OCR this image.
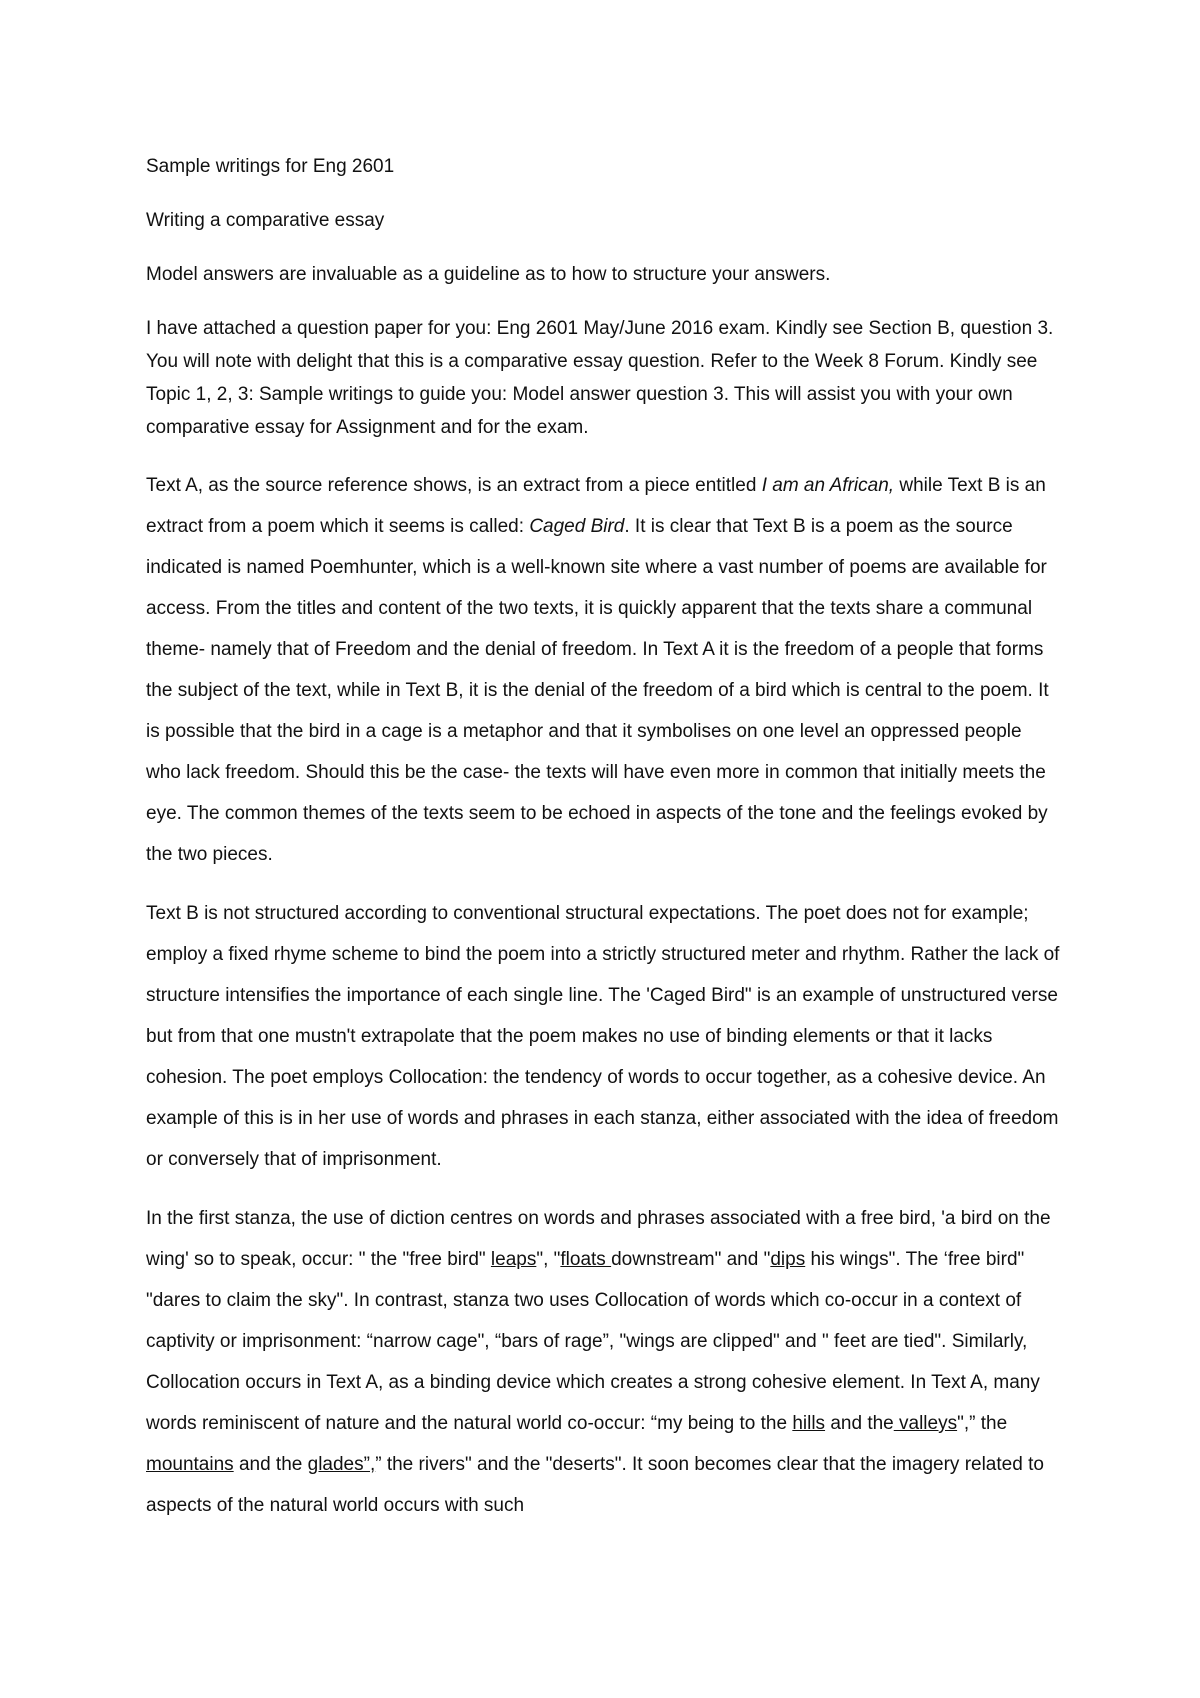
Sample writings for Eng 2601

Writing a comparative essay

Model answers are invaluable as a guideline as to how to structure your answers.

I have attached a question paper for you: Eng 2601 May/June 2016 exam. Kindly see Section B, question 3. You will note with delight that this is a comparative essay question. Refer to the Week 8 Forum. Kindly see Topic 1, 2, 3: Sample writings to guide you: Model answer question 3. This will assist you with your own comparative essay for Assignment and for the exam.

Text A, as the source reference shows, is an extract from a piece entitled I am an African, while Text B is an extract from a poem which it seems is called: Caged Bird. It is clear that Text B is a poem as the source indicated is named Poemhunter, which is a well-known site where a vast number of poems are available for access. From the titles and content of the two texts, it is quickly apparent that the texts share a communal theme- namely that of Freedom and the denial of freedom. In Text A it is the freedom of a people that forms the subject of the text, while in Text B, it is the denial of the freedom of a bird which is central to the poem. It is possible that the bird in a cage is a metaphor and that it symbolises on one level an oppressed people who lack freedom. Should this be the case- the texts will have even more in common that initially meets the eye. The common themes of the texts seem to be echoed in aspects of the tone and the feelings evoked by the two pieces.

Text B is not structured according to conventional structural expectations. The poet does not for example; employ a fixed rhyme scheme to bind the poem into a strictly structured meter and rhythm. Rather the lack of structure intensifies the importance of each single line. The 'Caged Bird" is an example of unstructured verse but from that one mustn't extrapolate that the poem makes no use of binding elements or that it lacks cohesion. The poet employs Collocation: the tendency of words to occur together, as a cohesive device. An example of this is in her use of words and phrases in each stanza, either associated with the idea of freedom or conversely that of imprisonment.

In the first stanza, the use of diction centres on words and phrases associated with a free bird, 'a bird on the wing' so to speak, occur: " the "free bird" leaps", "floats downstream" and "dips his wings". The ‘free bird" "dares to claim the sky". In contrast, stanza two uses Collocation of words which co-occur in a context of captivity or imprisonment: “narrow cage", “bars of rage”, "wings are clipped" and " feet are tied". Similarly, Collocation occurs in Text A, as a binding device which creates a strong cohesive element. In Text A, many words reminiscent of nature and the natural world co-occur: “my being to the hills and the valleys",” the mountains and the glades”,” the rivers" and the "deserts". It soon becomes clear that the imagery related to aspects of the natural world occurs with such
